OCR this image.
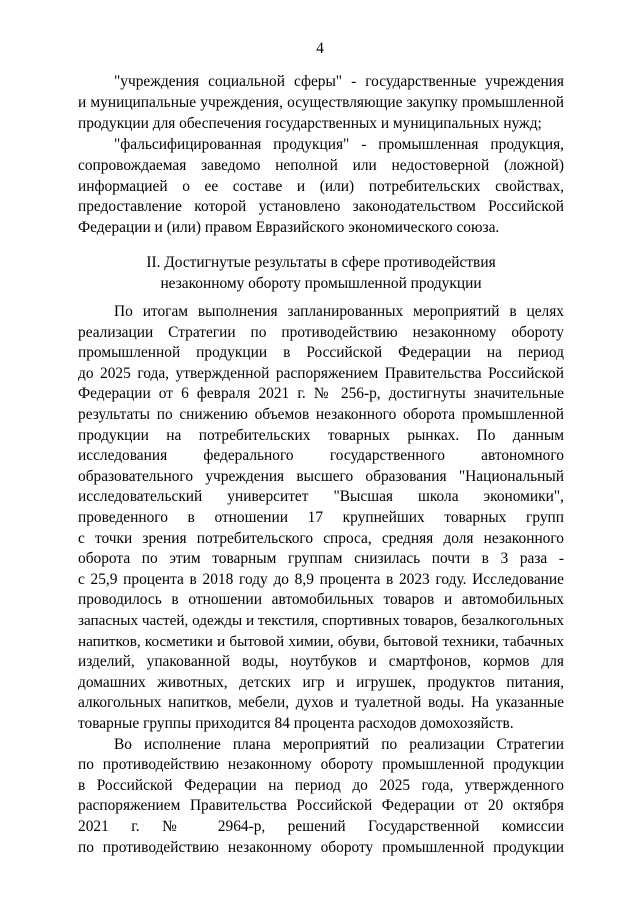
4
"учреждения социальной сферы" - государственные учреждения
и муниципальные учреждения, осуществляющие закупку промышленной
продукции для обеспечения государственных и муниципальных нужд;
"фальсифицированная продукция" - промышленная продукция,
сопровождаемая заведомо неполной или недостоверной (ложной)
информацией о ее составе и (или) потребительских свойствах,
предоставление которой установлено законодательством Российской
Федерации и (или) правом Евразийского экономического союза.
II. Достигнутые результаты в сфере противодействия
незаконному обороту промышленной продукции
По итогам выполнения запланированных мероприятий в целях
реализации Стратегии по противодействию незаконному обороту
промышленной продукции в Российской Федерации на период
до 2025 года, утвержденной распоряжением Правительства Российской
Федерации от 6 февраля 2021 г. № 256-р, достигнуты значительные
результаты по снижению объемов незаконного оборота промышленной
продукции на потребительских товарных рынках. По данным
исследования федерального государственного автономного
образовательного учреждения высшего образования "Национальный
исследовательский университет "Высшая школа экономики",
проведенного в отношении 17 крупнейших товарных групп
с точки зрения потребительского спроса, средняя доля незаконного
оборота по этим товарным группам снизилась почти в 3 раза -
с 25,9 процента в 2018 году до 8,9 процента в 2023 году. Исследование
проводилось в отношении автомобильных товаров и автомобильных
запасных частей, одежды и текстиля, спортивных товаров, безалкогольных
напитков, косметики и бытовой химии, обуви, бытовой техники, табачных
изделий, упакованной воды, ноутбуков и смартфонов, кормов для
домашних животных, детских игр и игрушек, продуктов питания,
алкогольных напитков, мебели, духов и туалетной воды. На указанные
товарные группы приходится 84 процента расходов домохозяйств.
Во исполнение плана мероприятий по реализации Стратегии
по противодействию незаконному обороту промышленной продукции
в Российской Федерации на период до 2025 года, утвержденного
распоряжением Правительства Российской Федерации от 20 октября
2021 г. № 2964-р, решений Государственной комиссии
по противодействию незаконному обороту промышленной продукции
